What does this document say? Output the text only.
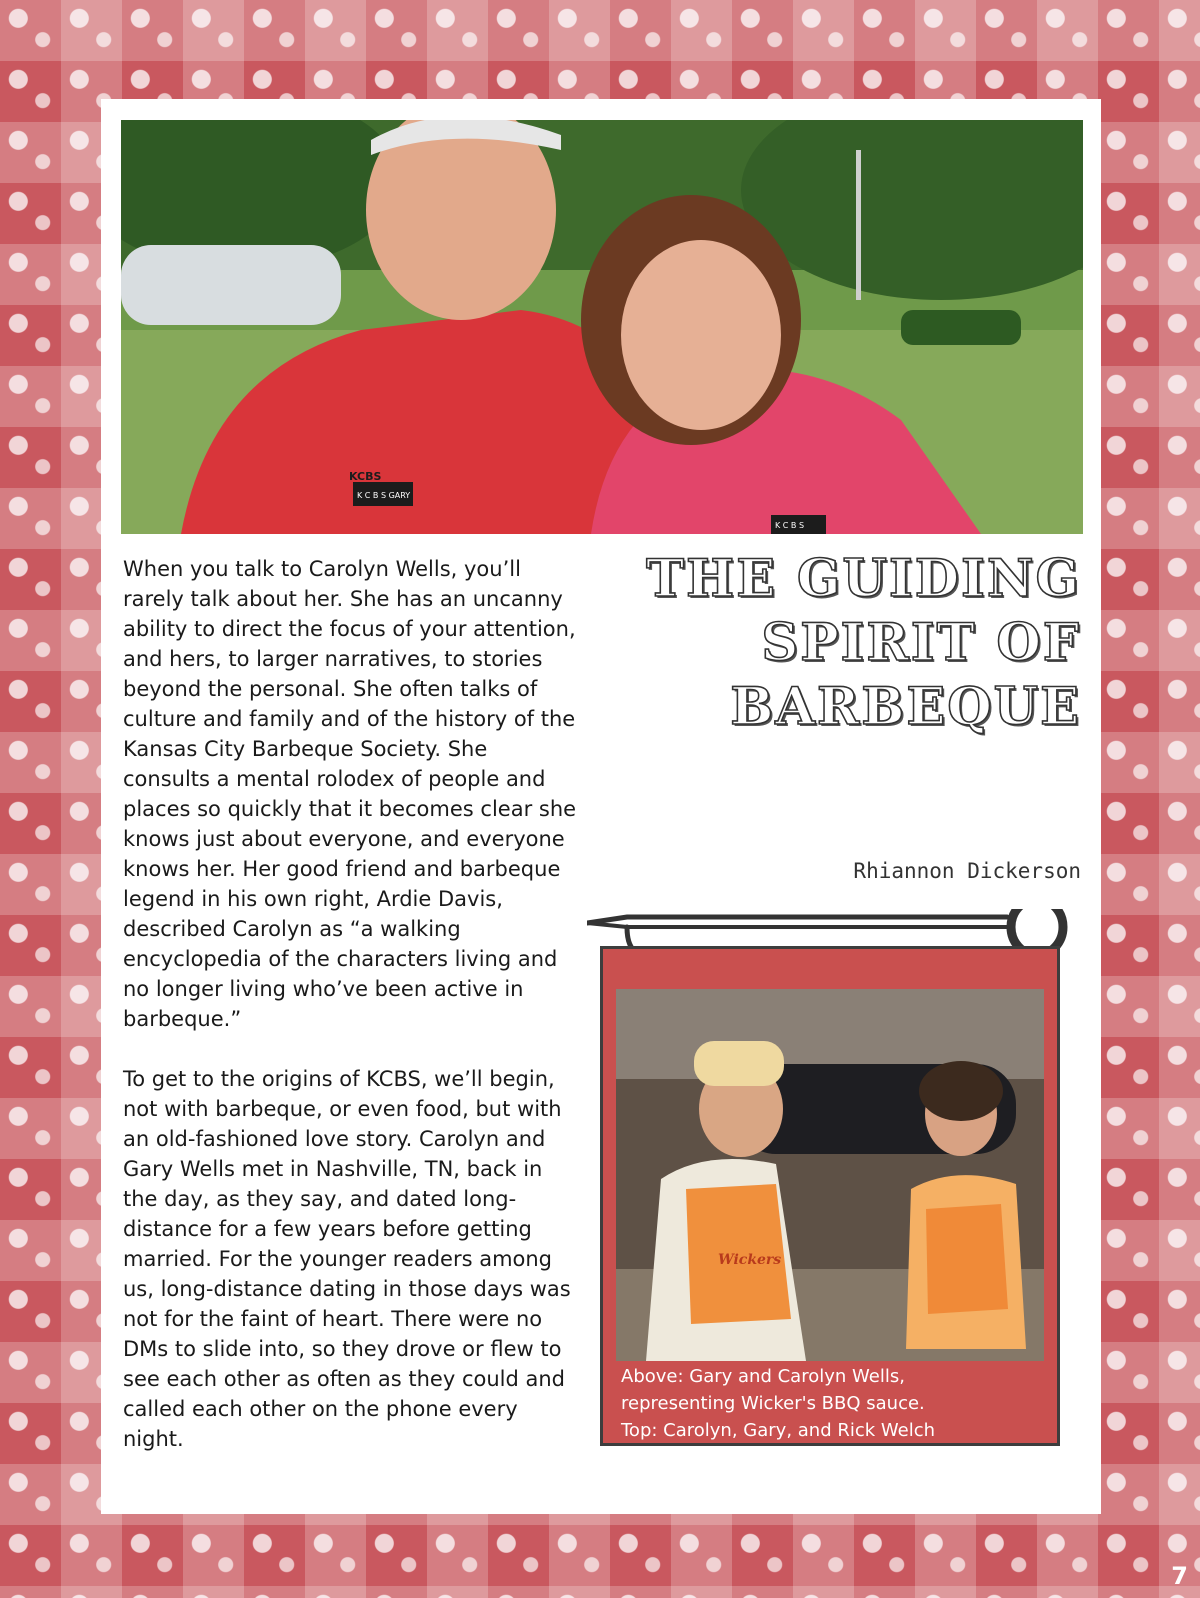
KCBS
K C B S GARY
K C B S

When you talk to Carolyn Wells, you’ll rarely talk about her. She has an uncanny ability to direct the focus of your attention, and hers, to larger narratives, to stories beyond the personal. She often talks of culture and family and of the history of the Kansas City Barbeque Society. She consults a mental rolodex of people and places so quickly that it becomes clear she knows just about everyone, and everyone knows her. Her good friend and barbeque legend in his own right, Ardie Davis, described Carolyn as “a walking encyclopedia of the characters living and no longer living who’ve been active in barbeque.”

To get to the origins of KCBS, we’ll begin, not with barbeque, or even food, but with an old-fashioned love story. Carolyn and Gary Wells met in Nashville, TN, back in the day, as they say, and dated long-distance for a few years before getting married. For the younger readers among us, long-distance dating in those days was not for the faint of heart. There were no DMs to slide into, so they drove or flew to see each other as often as they could and called each other on the phone every night.

THE GUIDING
SPIRIT OF
BARBEQUE
Rhiannon Dickerson
Wickers
Above: Gary and Carolyn Wells,
representing Wicker's BBQ sauce.
Top: Carolyn, Gary, and Rick Welch
7
